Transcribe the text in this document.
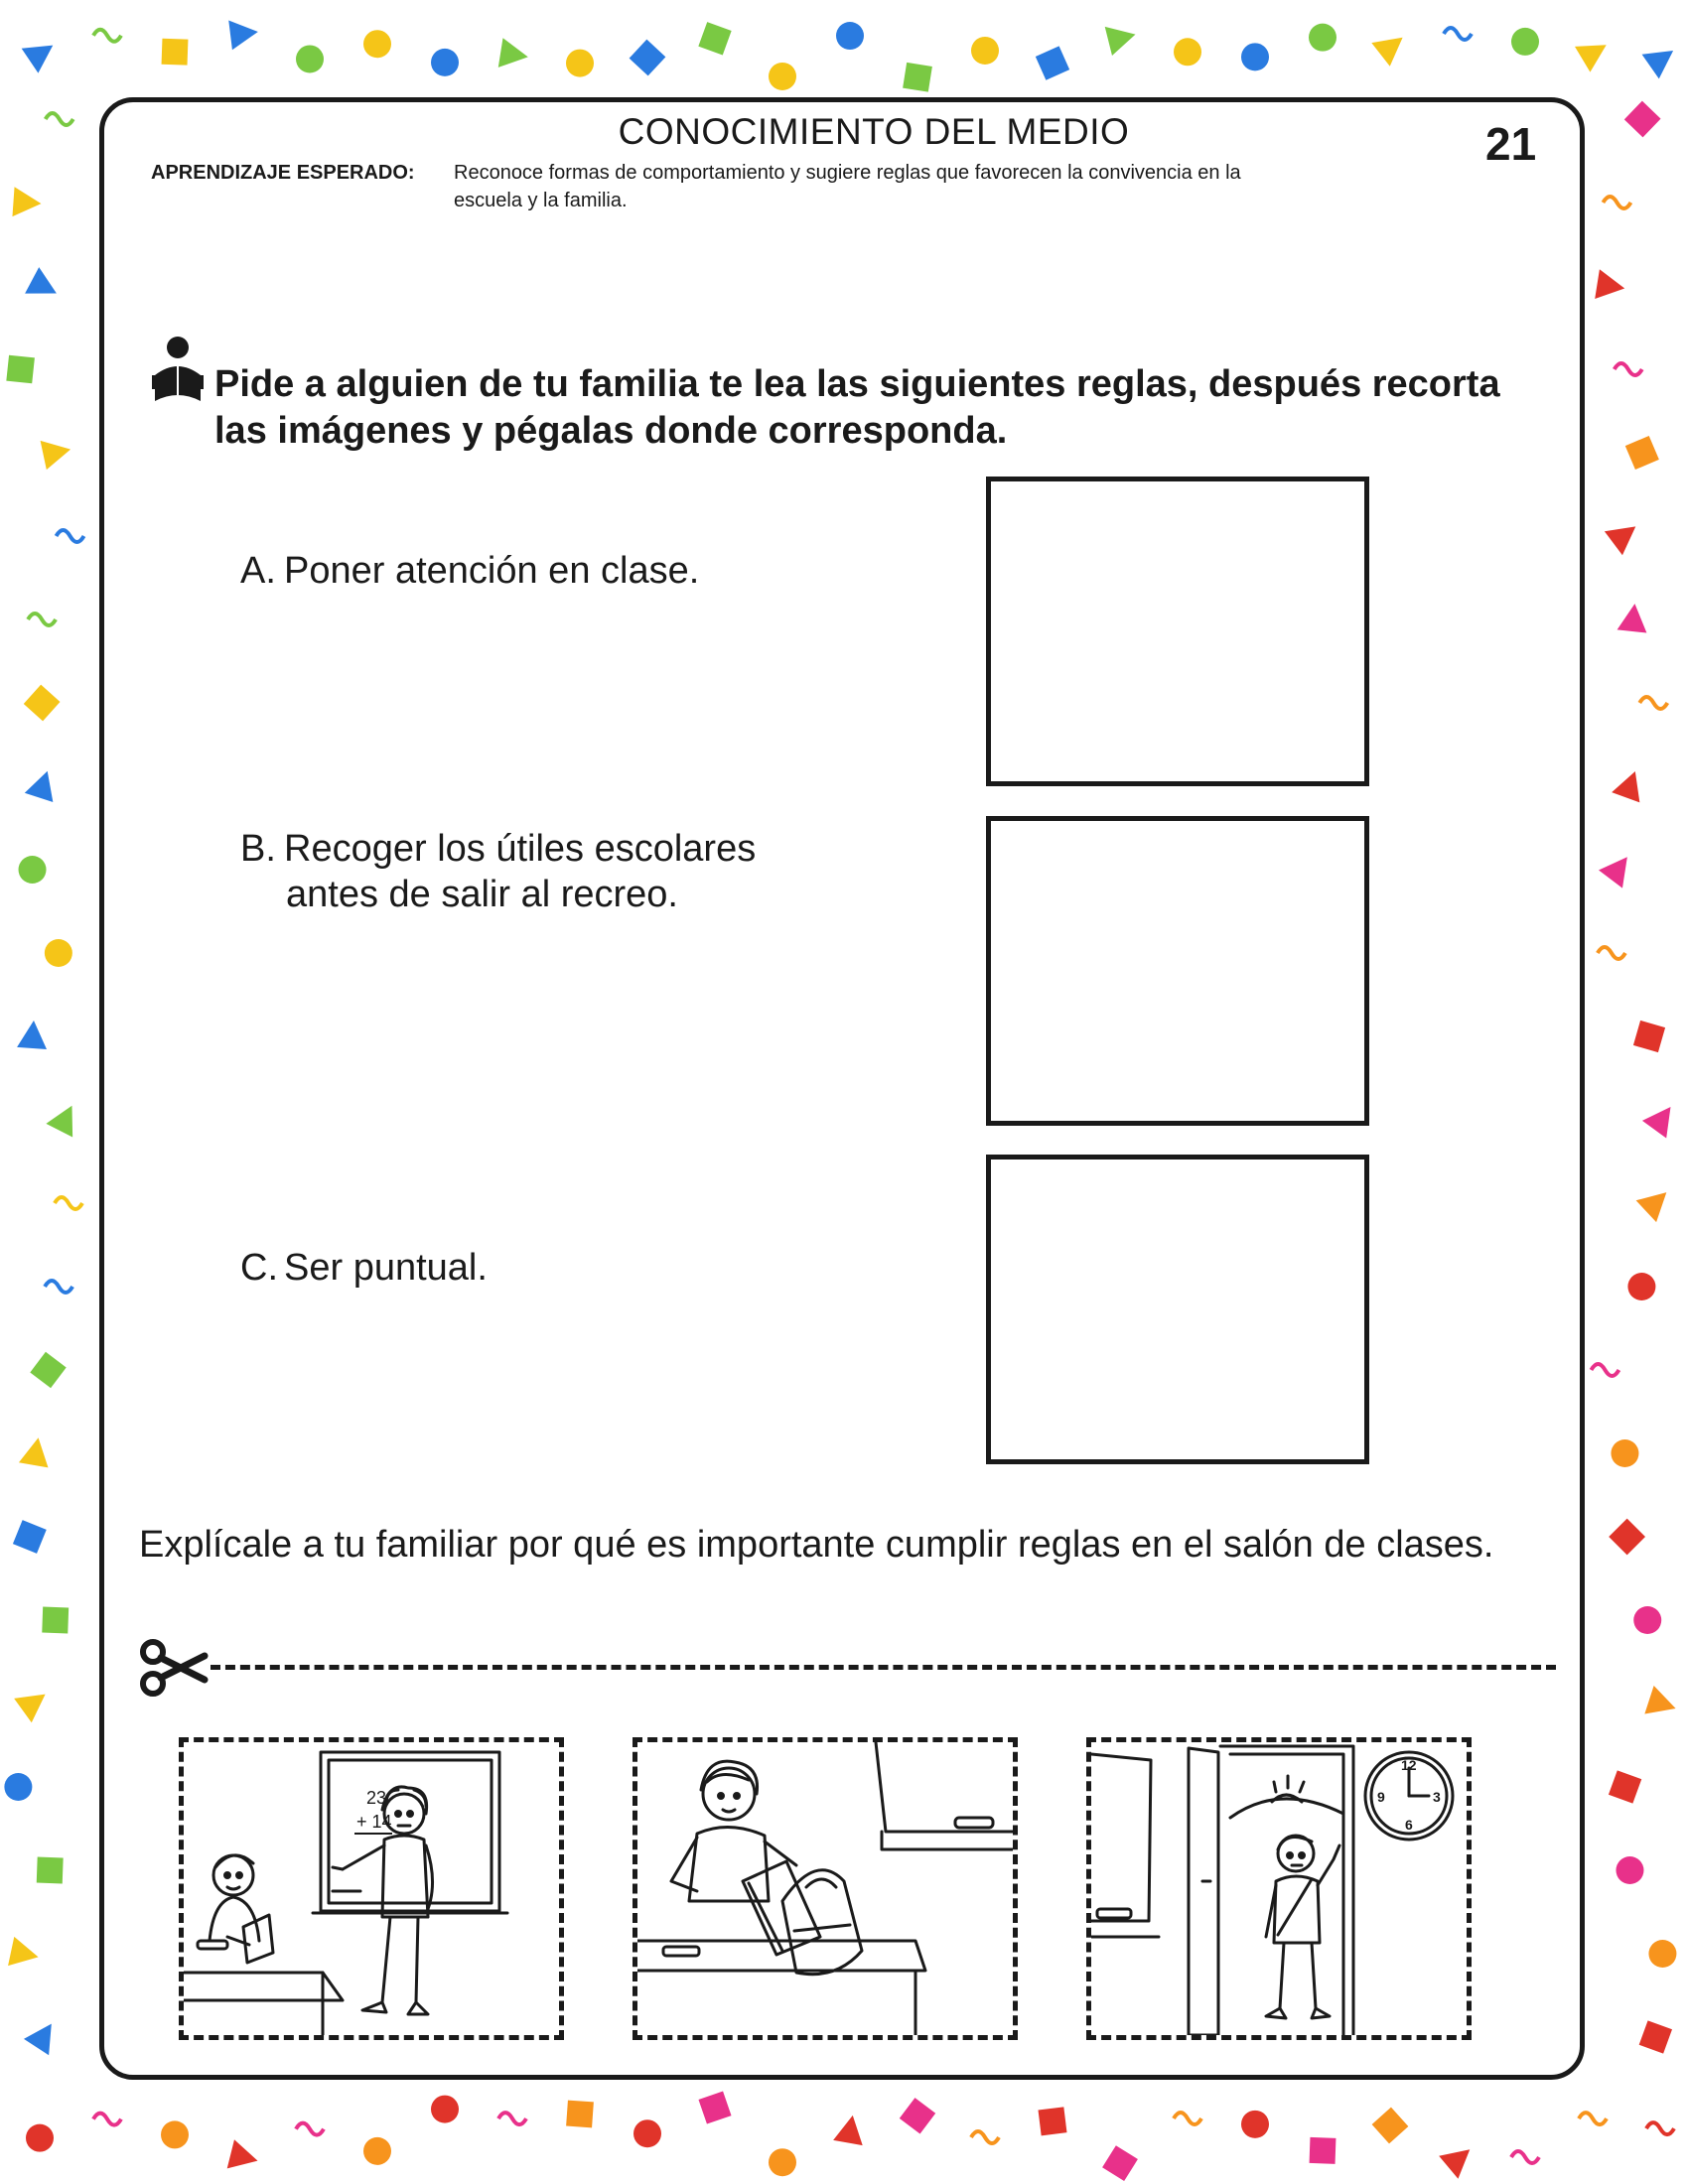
CONOCIMIENTO DEL MEDIO	21
APRENDIZAJE ESPERADO: Reconoce formas de comportamiento y sugiere reglas que favorecen la convivencia en la
escuela y la familia.
Pide a alguien de tu familia te lea las siguientes reglas, después recorta las imágenes y pégalas donde corresponda.
A. Poner atención en clase.
B. Recoger los útiles escolares
antes de salir al recreo.
C. Ser puntual.
Explícale a tu familiar por qué es importante cumplir reglas en el salón de clases.
23
+ 14
12
3
6
9
